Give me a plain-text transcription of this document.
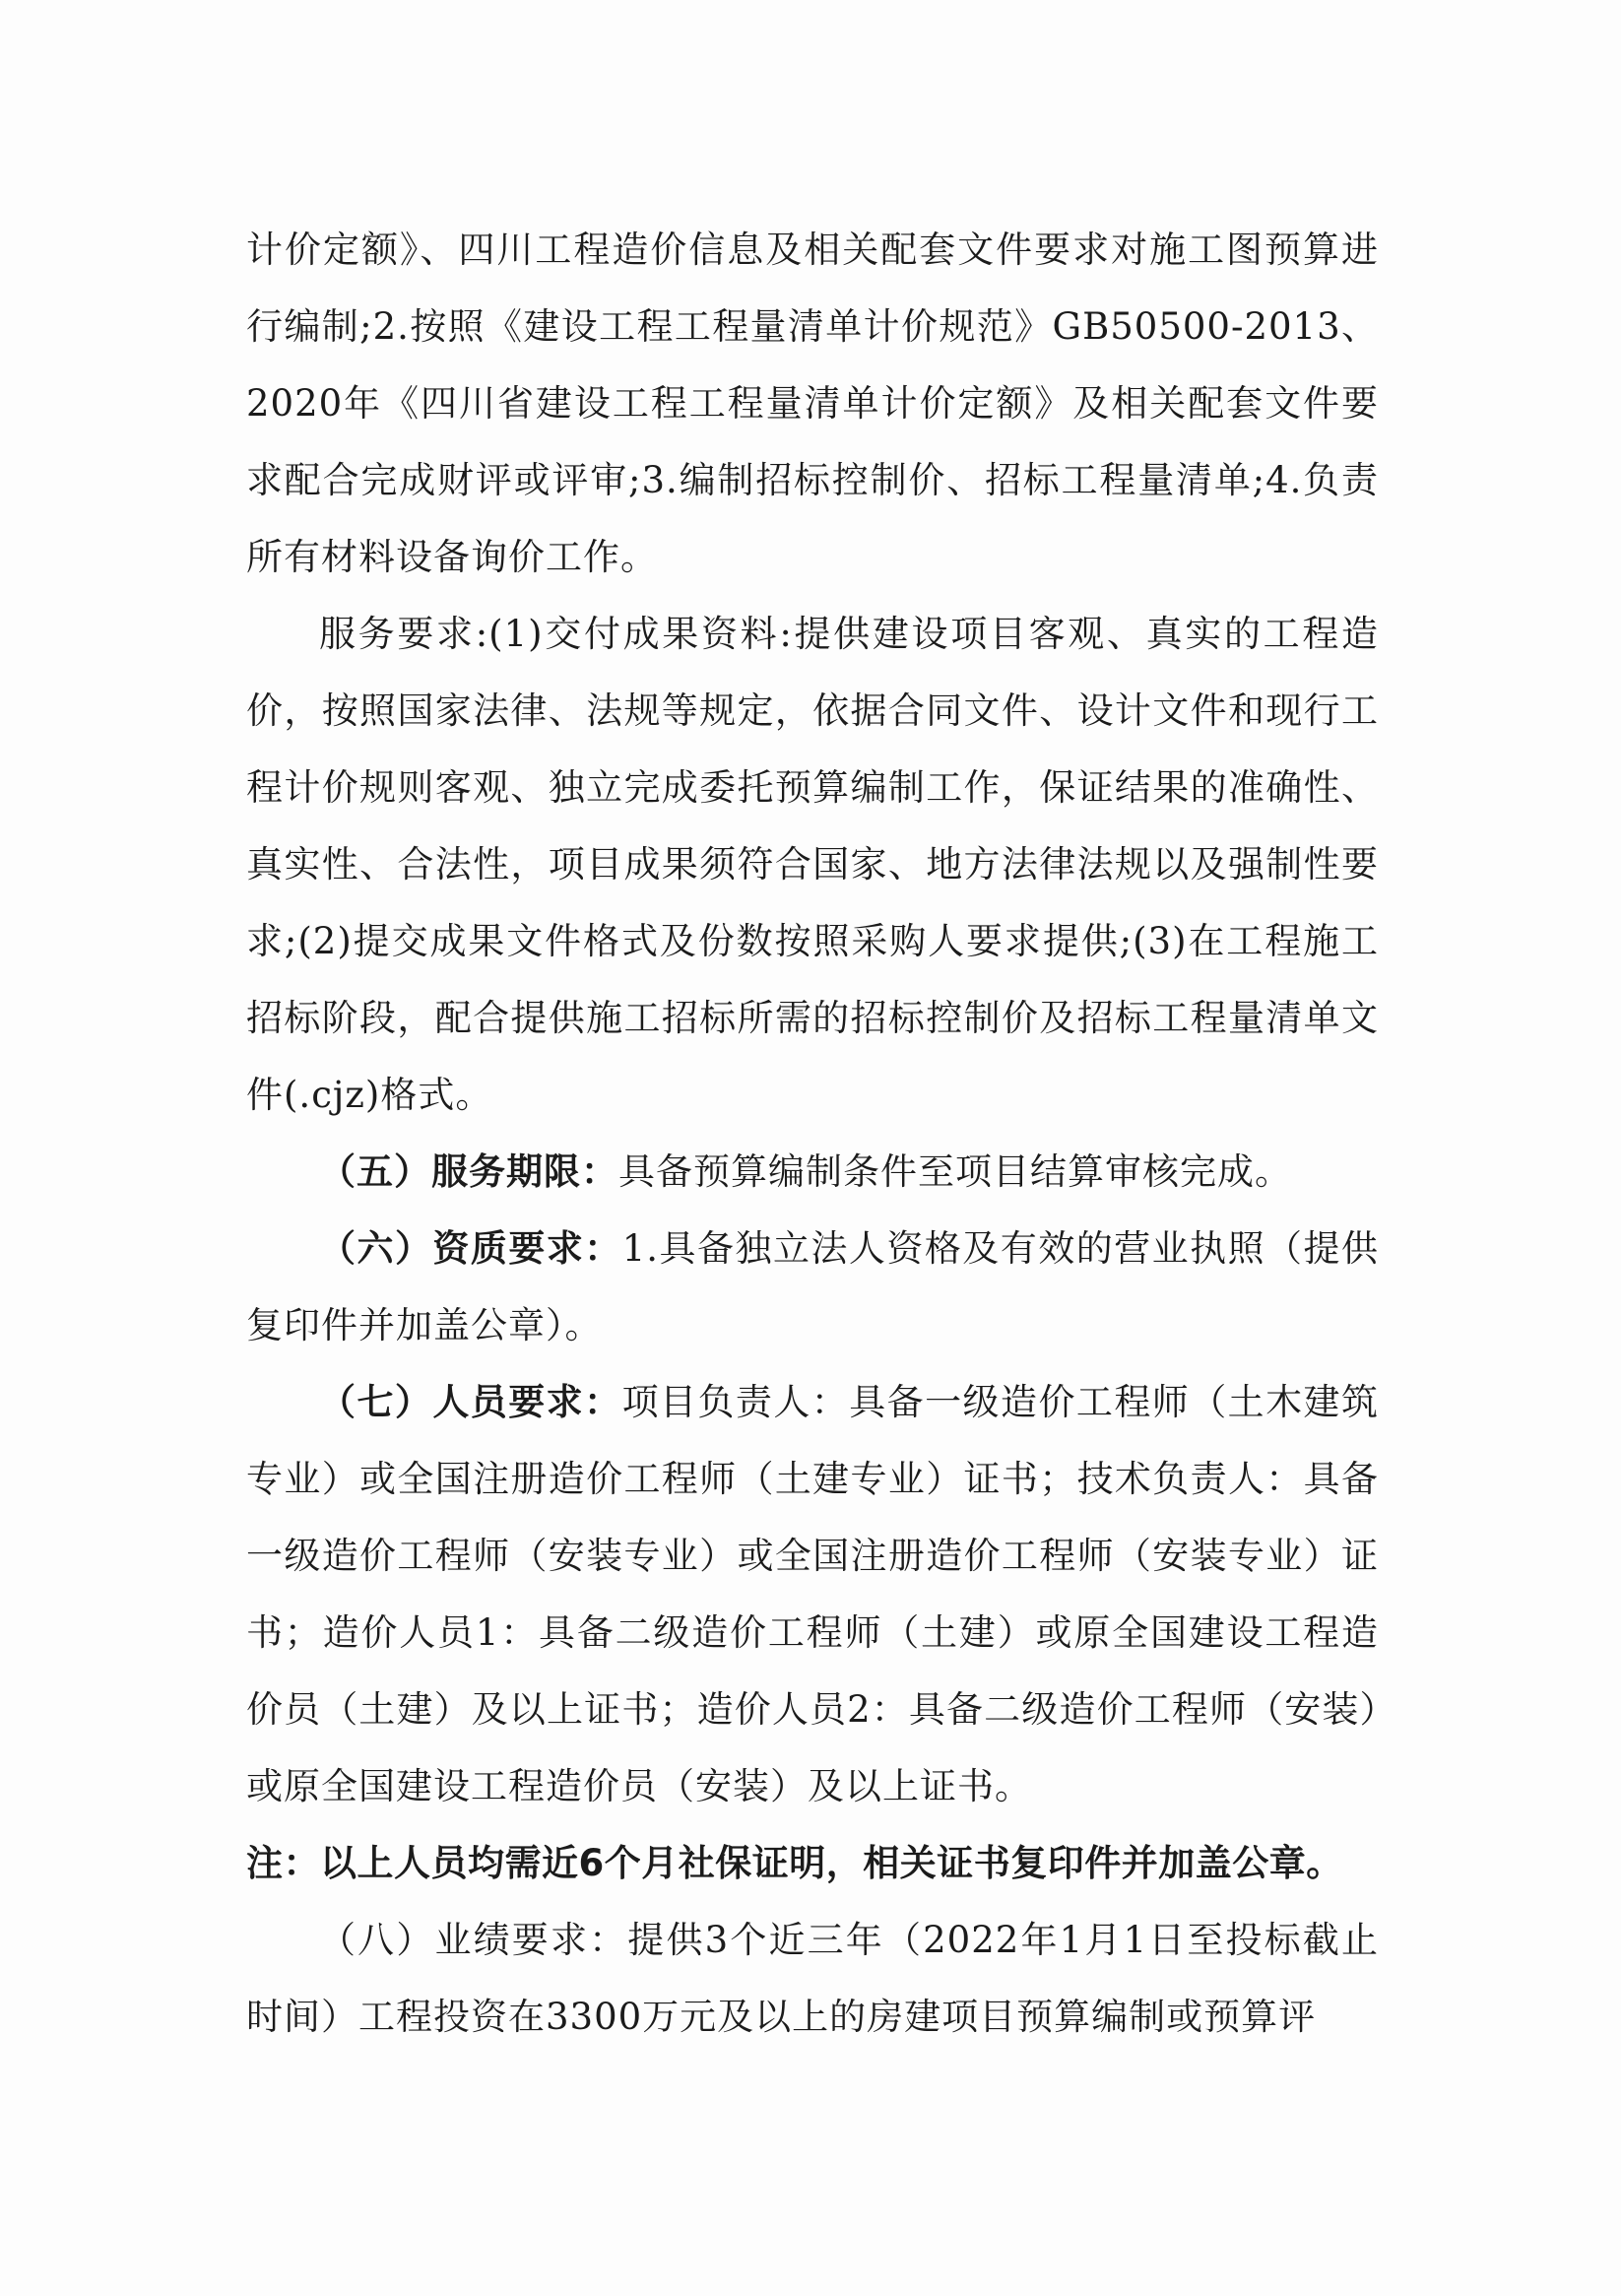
计价定额》、四川工程造价信息及相关配套文件要求对施工图预算进行编制;2.按照《建设工程工程量清单计价规范》GB50500-2013、2020年《四川省建设工程工程量清单计价定额》及相关配套文件要求配合完成财评或评审;3.编制招标控制价、招标工程量清单;4.负责所有材料设备询价工作。

服务要求:(1)交付成果资料:提供建设项目客观、真实的工程造价，按照国家法律、法规等规定，依据合同文件、设计文件和现行工程计价规则客观、独立完成委托预算编制工作，保证结果的准确性、真实性、合法性，项目成果须符合国家、地方法律法规以及强制性要求;(2)提交成果文件格式及份数按照采购人要求提供;(3)在工程施工招标阶段，配合提供施工招标所需的招标控制价及招标工程量清单文件(.cjz)格式。

（五）服务期限：具备预算编制条件至项目结算审核完成。

（六）资质要求：1.具备独立法人资格及有效的营业执照（提供复印件并加盖公章）。

（七）人员要求：项目负责人：具备一级造价工程师（土木建筑专业）或全国注册造价工程师（土建专业）证书；技术负责人：具备一级造价工程师（安装专业）或全国注册造价工程师（安装专业）证书；造价人员1：具备二级造价工程师（土建）或原全国建设工程造价员（土建）及以上证书；造价人员2：具备二级造价工程师（安装）或原全国建设工程造价员（安装）及以上证书。

注：以上人员均需近6个月社保证明，相关证书复印件并加盖公章。

（八）业绩要求：提供3个近三年（2022年1月1日至投标截止时间）工程投资在3300万元及以上的房建项目预算编制或预算评
